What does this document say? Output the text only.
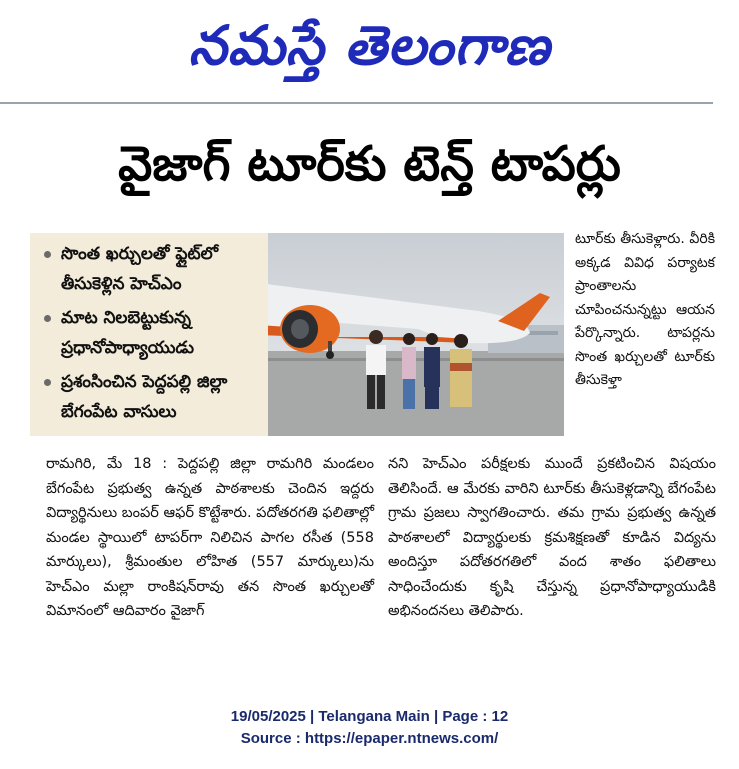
నమస్తే తెలంగాణ
వైజాగ్ టూర్‌కు టెన్త్ టాపర్లు
సొంత ఖర్చులతో ఫ్లైట్‌లో తీసుకెళ్లిన హెచ్ఎం
మాట నిలబెట్టుకున్న ప్రధానోపాధ్యాయుడు
ప్రశంసించిన పెద్దపల్లి జిల్లా బేగంపేట వాసులు
టూర్‌కు తీసుకెళ్లారు. వీరికి అక్కడ వివిధ పర్యాటక ప్రాంతాలను చూపించనున్నట్టు ఆయన పేర్కొన్నారు. టాపర్లను సొంత ఖర్చులతో టూర్‌కు తీసుకెళ్తా
రామగిరి, మే 18 : పెద్దపల్లి జిల్లా రామగిరి మండలం బేగంపేట ప్రభుత్వ ఉన్నత పాఠశాలకు చెందిన ఇద్దరు విద్యార్థినులు బంపర్ ఆఫర్ కొట్టేశారు. పదోతరగతి ఫలితాల్లో మండల స్థాయిలో టాపర్‌గా నిలిచిన పాగల రసీత (558 మార్కులు), శ్రీమంతుల లోహిత (557 మార్కులు)ను హెచ్ఎం మల్లా రాంకిషన్‌రావు తన సొంత ఖర్చులతో విమానంలో ఆదివారం వైజాగ్
నని హెచ్ఎం పరీక్షలకు ముందే ప్రకటించిన విషయం తెలిసిందే. ఆ మేరకు వారిని టూర్‌కు తీసుకెళ్లడాన్ని బేగంపేట గ్రామ ప్రజలు స్వాగతించారు. తమ గ్రామ ప్రభుత్వ ఉన్నత పాఠశాలలో విద్యార్థులకు క్రమశిక్షణతో కూడిన విద్యను అందిస్తూ పదోతరగతిలో వంద శాతం ఫలితాలు సాధించేందుకు కృషి చేస్తున్న ప్రధానోపాధ్యాయుడికి అభినందనలు తెలిపారు.
19/05/2025 | Telangana Main | Page : 12
Source : https://epaper.ntnews.com/
